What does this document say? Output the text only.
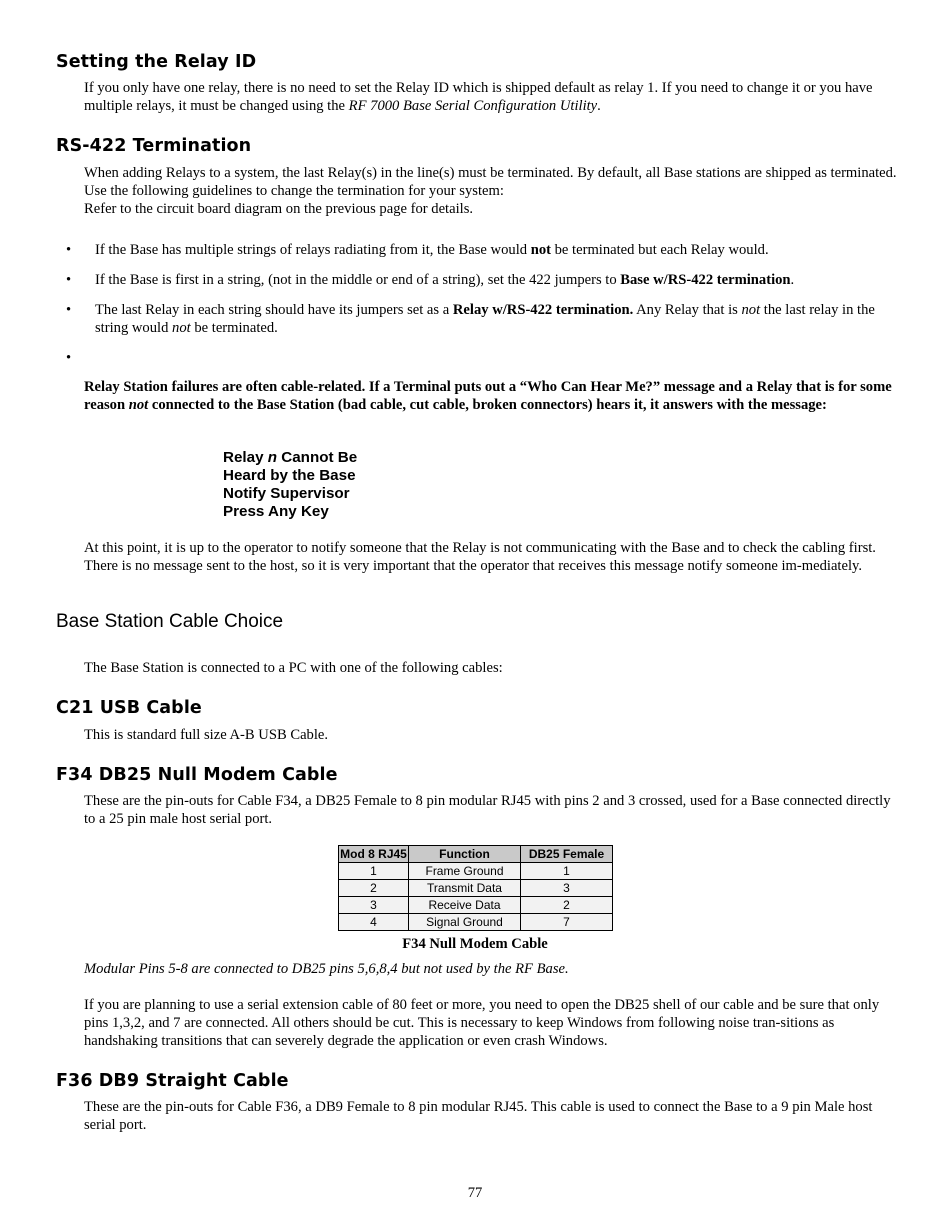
Setting the Relay ID

If you only have one relay, there is no need to set the Relay ID which is shipped default as relay 1. If you need to change it or you have multiple relays, it must be changed using the RF 7000 Base Serial Configuration Utility.

RS-422 Termination

When adding Relays to a system, the last Relay(s) in the line(s) must be terminated. By default, all Base stations are shipped as terminated. Use the following guidelines to change the termination for your system:
Refer to the circuit board diagram on the previous page for details.

• If the Base has multiple strings of relays radiating from it, the Base would not be terminated but each Relay would.

• If the Base is first in a string, (not in the middle or end of a string), set the 422 jumpers to Base w/RS-422 termination.

• The last Relay in each string should have its jumpers set as a Relay w/RS-422 termination. Any Relay that is not the last relay in the string would not be terminated.

•

Relay Station failures are often cable-related. If a Terminal puts out a “Who Can Hear Me?” message and a Relay that is for some reason not connected to the Base Station (bad cable, cut cable, broken connectors) hears it, it answers with the message:

Relay n Cannot Be
Heard by the Base
Notify Supervisor
Press Any Key

At this point, it is up to the operator to notify someone that the Relay is not communicating with the Base and to check the cabling first. There is no message sent to the host, so it is very important that the operator that receives this message notify someone im-mediately.

Base Station Cable Choice

The Base Station is connected to a PC with one of the following cables:

C21 USB Cable

This is standard full size A-B USB Cable.

F34 DB25 Null Modem Cable

These are the pin-outs for Cable F34, a DB25 Female to 8 pin modular RJ45 with pins 2 and 3 crossed, used for a Base connected directly to a 25 pin male host serial port.

Mod 8 RJ45	Function	DB25 Female
1	Frame Ground	1
2	Transmit Data	3
3	Receive Data	2
4	Signal Ground	7
F34 Null Modem Cable

Modular Pins 5-8 are connected to DB25 pins 5,6,8,4 but not used by the RF Base.

If you are planning to use a serial extension cable of 80 feet or more, you need to open the DB25 shell of our cable and be sure that only pins 1,3,2, and 7 are connected. All others should be cut. This is necessary to keep Windows from following noise tran-sitions as handshaking transitions that can severely degrade the application or even crash Windows.

F36 DB9 Straight Cable

These are the pin-outs for Cable F36, a DB9 Female to 8 pin modular RJ45. This cable is used to connect the Base to a 9 pin Male host serial port.

77
